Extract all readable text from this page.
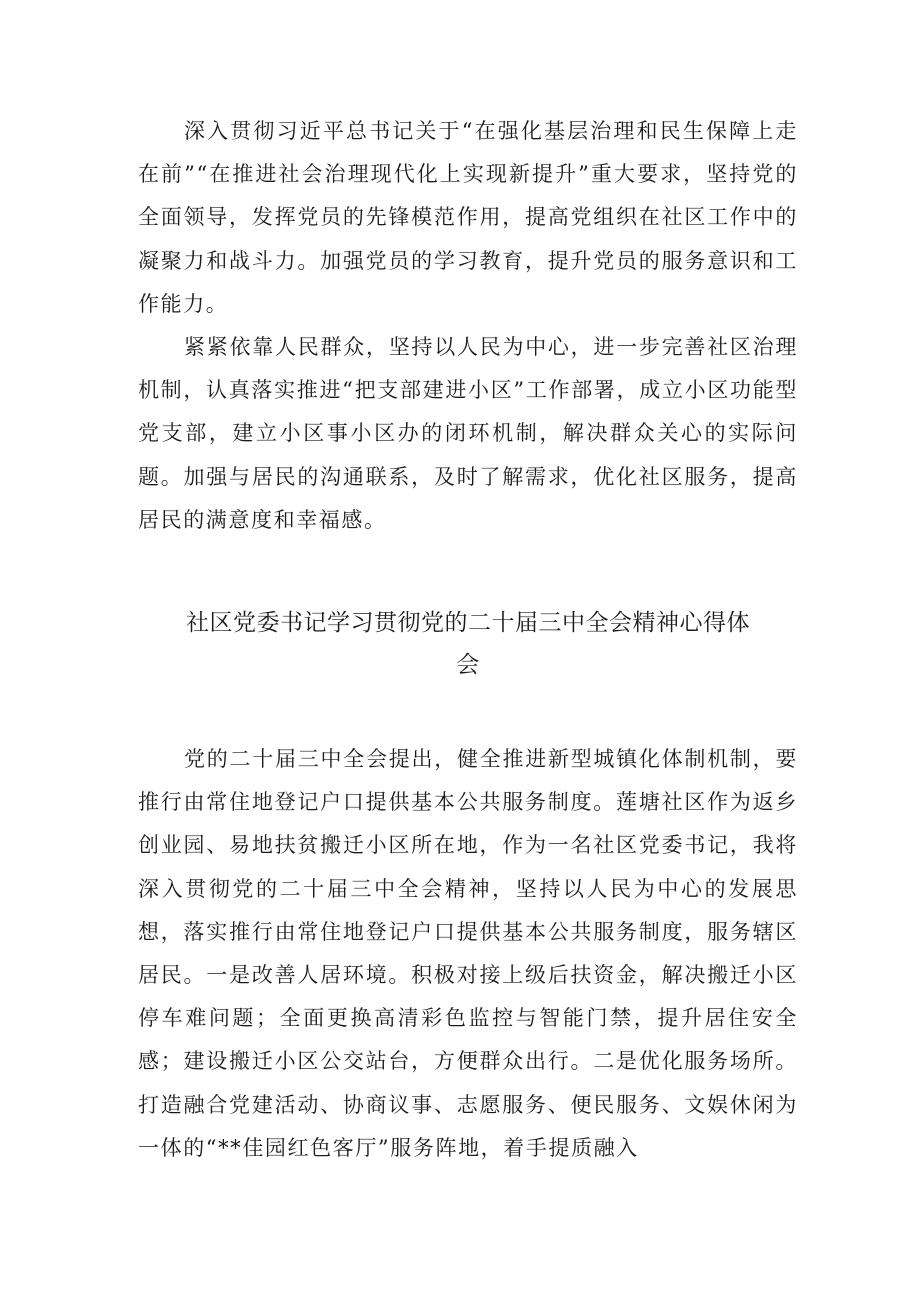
深入贯彻习近平总书记关于“在强化基层治理和民生保障上走在前”“在推进社会治理现代化上实现新提升”重大要求，坚持党的全面领导，发挥党员的先锋模范作用，提高党组织在社区工作中的凝聚力和战斗力。加强党员的学习教育，提升党员的服务意识和工作能力。

紧紧依靠人民群众，坚持以人民为中心，进一步完善社区治理机制，认真落实推进“把支部建进小区”工作部署，成立小区功能型党支部，建立小区事小区办的闭环机制，解决群众关心的实际问题。加强与居民的沟通联系，及时了解需求，优化社区服务，提高居民的满意度和幸福感。

社区党委书记学习贯彻党的二十届三中全会精神心得体会

党的二十届三中全会提出，健全推进新型城镇化体制机制，要推行由常住地登记户口提供基本公共服务制度。莲塘社区作为返乡创业园、易地扶贫搬迁小区所在地，作为一名社区党委书记，我将深入贯彻党的二十届三中全会精神，坚持以人民为中心的发展思想，落实推行由常住地登记户口提供基本公共服务制度，服务辖区居民。一是改善人居环境。积极对接上级后扶资金，解决搬迁小区停车难问题；全面更换高清彩色监控与智能门禁，提升居住安全感；建设搬迁小区公交站台，方便群众出行。二是优化服务场所。打造融合党建活动、协商议事、志愿服务、便民服务、文娱休闲为一体的“**佳园红色客厅”服务阵地，着手提质融入
